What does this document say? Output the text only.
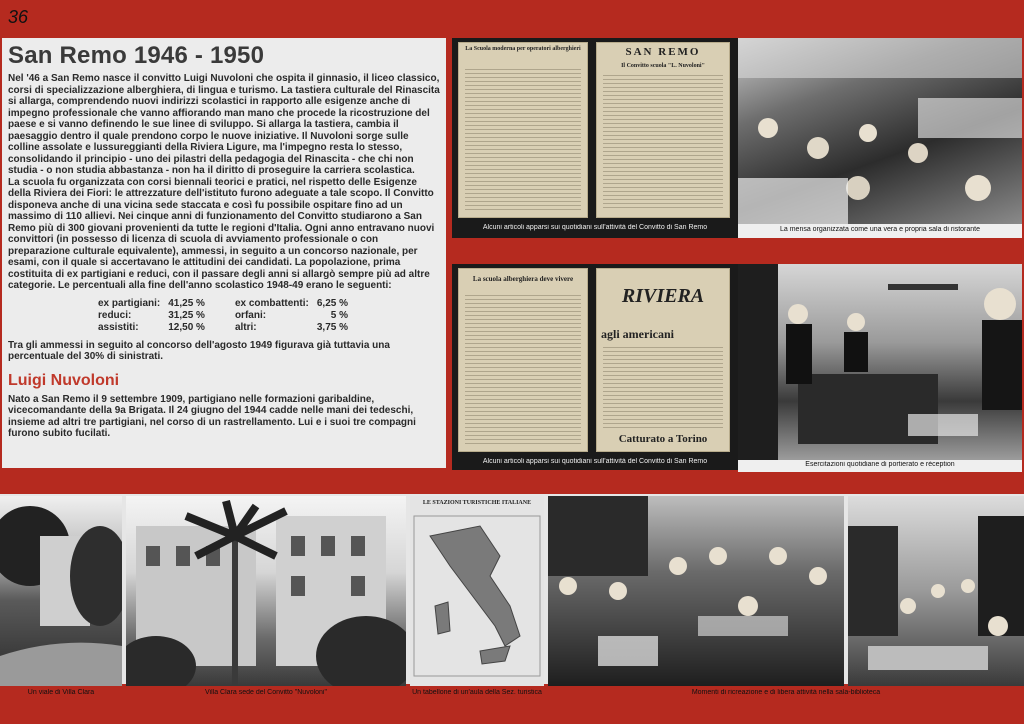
36
San Remo 1946 - 1950

Nel '46 a San Remo nasce il convitto Luigi Nuvoloni che ospita il ginnasio, il liceo classico, corsi di specializzazione alberghiera, di lingua e turismo. La tastiera culturale del Rinascita si allarga, comprendendo nuovi indirizzi scolastici in rapporto alle esigenze anche di impegno professionale che vanno affiorando man mano che procede la ricostruzione del paese e si vanno definendo le sue linee di sviluppo. Si allarga la tastiera, cambia il paesaggio dentro il quale prendono corpo le nuove iniziative. Il Nuvoloni sorge sulle colline assolate e lussureggianti della Riviera Ligure, ma l'impegno resta lo stesso, consolidando il principio - uno dei pilastri della pedagogia del Rinascita - che chi non studia - o non studia abbastanza - non ha il diritto di proseguire la carriera scolastica.

La scuola fu organizzata con corsi biennali teorici e pratici, nel rispetto delle Esigenze della Riviera dei Fiori: le attrezzature dell'istituto furono adeguate a tale scopo. Il Convitto disponeva anche di una vicina sede staccata e così fu possibile ospitare fino ad un massimo di 110 allievi. Nei cinque anni di funzionamento del Convitto studiarono a San Remo più di 300 giovani provenienti da tutte le regioni d'Italia. Ogni anno entravano nuovi convittori (in possesso di licenza di scuola di avviamento professionale o con preparazione culturale equivalente), ammessi, in seguito a un concorso nazionale, per esami, con il quale si accertavano le attitudini dei candidati. La popolazione, prima costituita di ex partigiani e reduci, con il passare degli anni si allargò sempre più ad altre categorie. Le percentuali alla fine dell'anno scolastico 1948-49 erano le seguenti:

ex partigiani:	41,25 %	ex combattenti:	6,25 %
reduci:	31,25 %	orfani:	5 %
assistiti:	12,50 %	altri:	3,75 %

Tra gli ammessi in seguito al concorso dell'agosto 1949 figurava già tuttavia una percentuale del 30% di sinistrati.

Luigi Nuvoloni

Nato a San Remo il 9 settembre 1909, partigiano nelle formazioni garibaldine, vicecomandante della 9a Brigata. Il 24 giugno del 1944 cadde nelle mani dei tedeschi, insieme ad altri tre partigiani, nel corso di un rastrellamento. Lui e i suoi tre compagni furono subito fucilati.

La Scuola moderna per operatori alberghieri	SAN REMO
Il Convitto scuola "L. Nuvoloni"
Alcuni articoli apparsi sui quotidiani sull'attività del Convitto di San Remo	La mensa organizzata come una vera e propria sala di ristorante
La scuola alberghiera deve vivere
RIVIERA
agli americani
Catturato a Torino
Alcuni articoli apparsi sui quotidiani sull'attività del Convitto di San Remo	Esercitazioni quotidiane di portierato e réception
Un viale di Villa Clara	Villa Clara sede del Convitto "Nuvoloni"
LE STAZIONI TURISTICHE ITALIANE
Un tabellone di un'aula della Sez. turistica	Momenti di ricreazione e di libera attività nella sala-biblioteca
